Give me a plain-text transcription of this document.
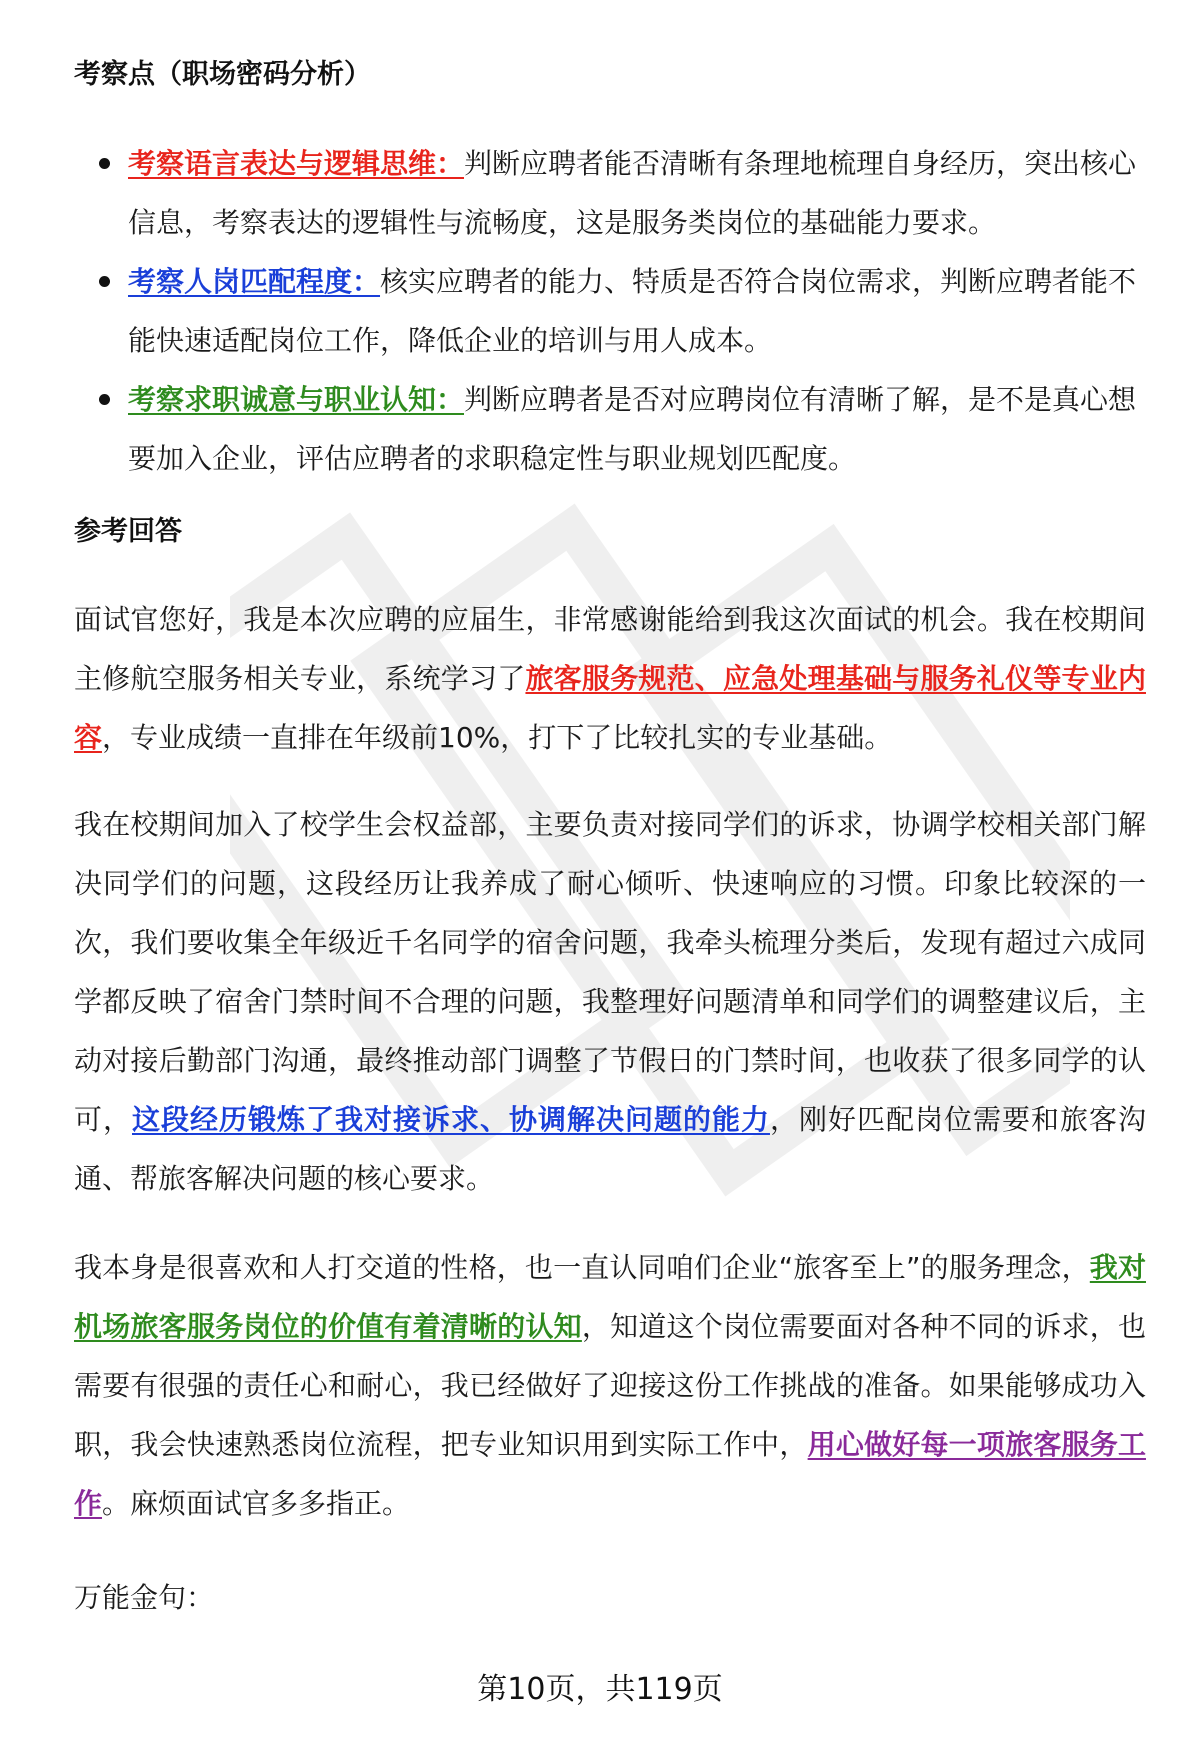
考察点（职场密码分析）
考察语言表达与逻辑思维：判断应聘者能否清晰有条理地梳理自身经历，突出核心信息，考察表达的逻辑性与流畅度，这是服务类岗位的基础能力要求。
考察人岗匹配程度：核实应聘者的能力、特质是否符合岗位需求，判断应聘者能不能快速适配岗位工作，降低企业的培训与用人成本。
考察求职诚意与职业认知：判断应聘者是否对应聘岗位有清晰了解，是不是真心想要加入企业，评估应聘者的求职稳定性与职业规划匹配度。
参考回答

面试官您好，我是本次应聘的应届生，非常感谢能给到我这次面试的机会。我在校期间主修航空服务相关专业，系统学习了旅客服务规范、应急处理基础与服务礼仪等专业内容，专业成绩一直排在年级前10%，打下了比较扎实的专业基础。

我在校期间加入了校学生会权益部，主要负责对接同学们的诉求，协调学校相关部门解决同学们的问题，这段经历让我养成了耐心倾听、快速响应的习惯。印象比较深的一次，我们要收集全年级近千名同学的宿舍问题，我牵头梳理分类后，发现有超过六成同学都反映了宿舍门禁时间不合理的问题，我整理好问题清单和同学们的调整建议后，主动对接后勤部门沟通，最终推动部门调整了节假日的门禁时间，也收获了很多同学的认可，这段经历锻炼了我对接诉求、协调解决问题的能力，刚好匹配岗位需要和旅客沟通、帮旅客解决问题的核心要求。

我本身是很喜欢和人打交道的性格，也一直认同咱们企业“旅客至上”的服务理念，我对机场旅客服务岗位的价值有着清晰的认知，知道这个岗位需要面对各种不同的诉求，也需要有很强的责任心和耐心，我已经做好了迎接这份工作挑战的准备。如果能够成功入职，我会快速熟悉岗位流程，把专业知识用到实际工作中，用心做好每一项旅客服务工作。麻烦面试官多多指正。

万能金句：

第10页，共119页
